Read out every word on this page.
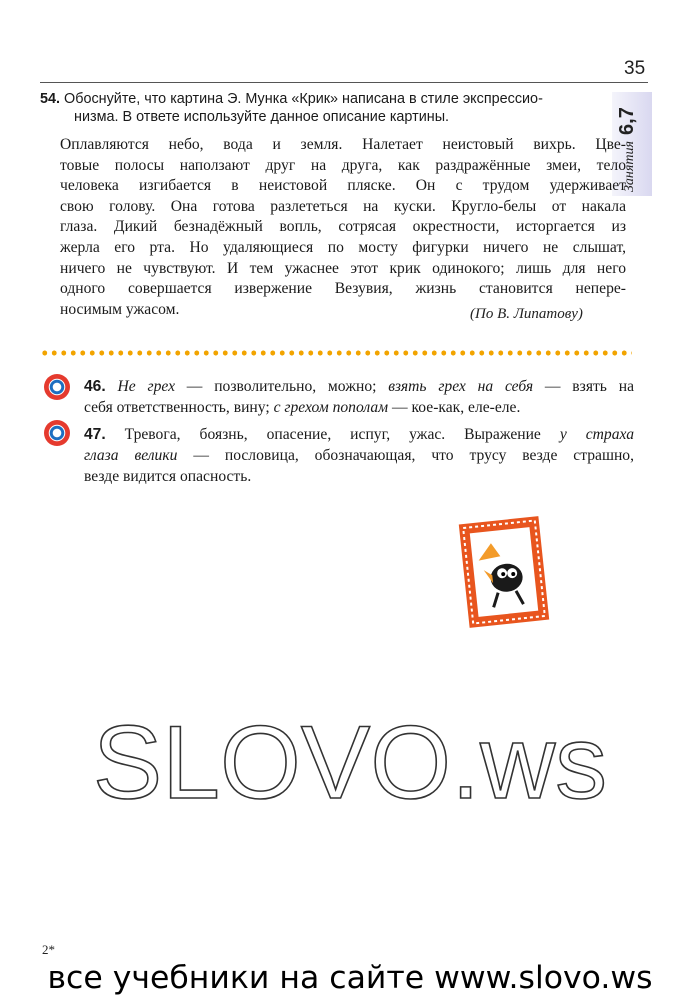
35
Занятия6,7
54. Обоснуйте, что картина Э. Мунка «Крик» написана в стиле экспрессио-
низма. В ответе используйте данное описание картины.
Оплавляются небо, вода и земля. Налетает неистовый вихрь. Цве-
товые полосы наползают друг на друга, как раздражённые змеи, тело
человека изгибается в неистовой пляске. Он с трудом удерживает
свою голову. Она готова разлететься на куски. Кругло-белы от накала
глаза. Дикий безнадёжный вопль, сотрясая окрестности, исторгается из
жерла его рта. Но удаляющиеся по мосту фигурки ничего не слышат,
ничего не чувствуют. И тем ужаснее этот крик одинокого; лишь для него
одного совершается извержение Везувия, жизнь становится непере-
носимым ужасом.	(По В. Липатову)
46. Не грех — позволительно, можно; взять грех на себя — взять на
себя ответственность, вину; с грехом пополам — кое-как, еле-еле.
47. Тревога, боязнь, опасение, испуг, ужас. Выражение у страха
глаза велики — пословица, обозначающая, что трусу везде страшно,
везде видится опасность.
SLOVO.ws
2*
все учебники на сайте www.slovo.ws
